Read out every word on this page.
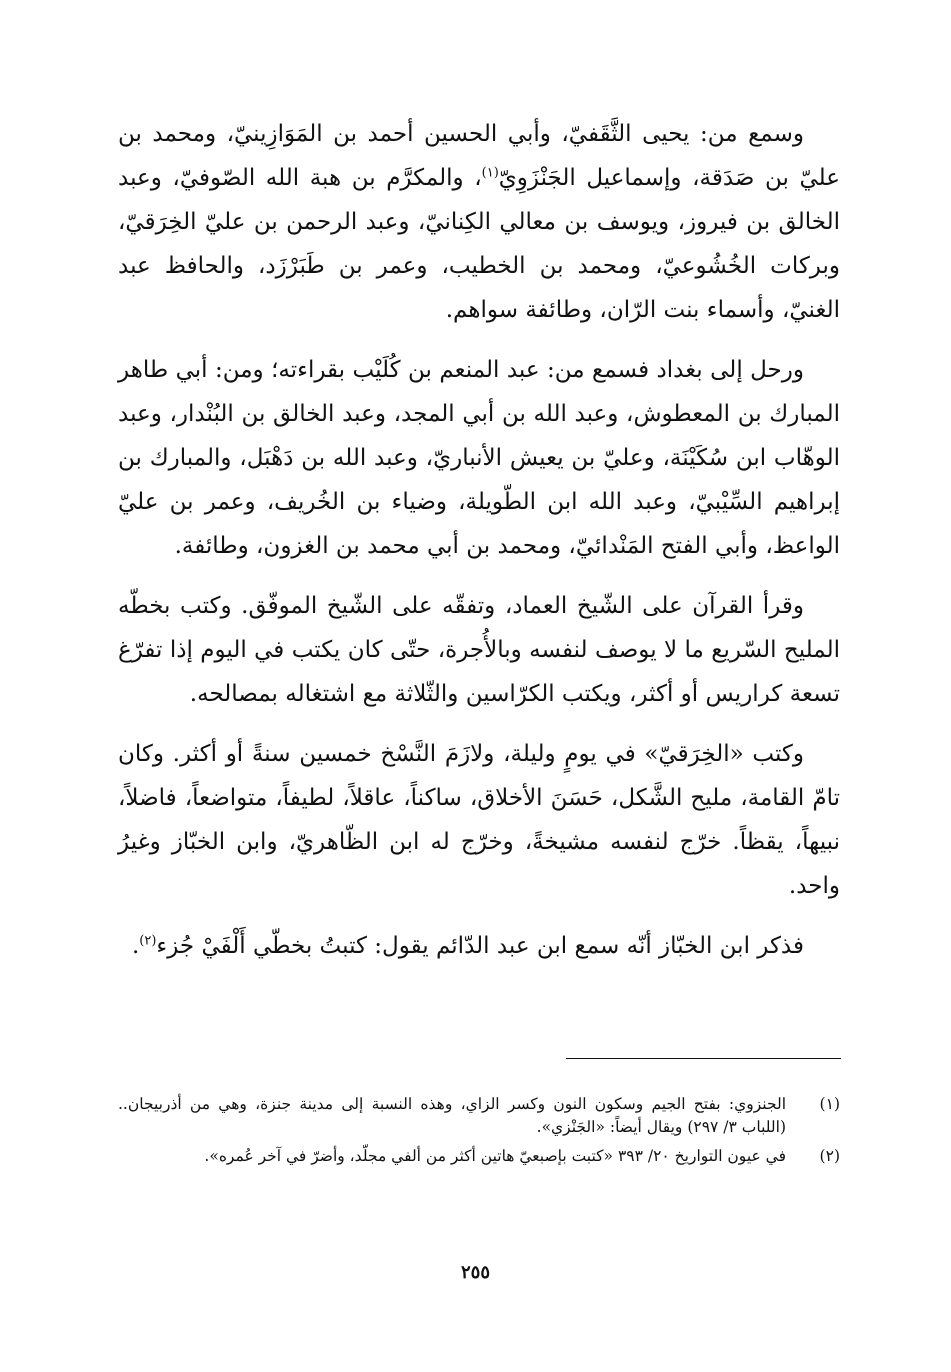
وسمع من: يحيى الثَّقَفيّ، وأبي الحسين أحمد بن المَوَازِينيّ، ومحمد بن عليّ بن صَدَقة، وإسماعيل الجَنْزَوِيّ$^{(١)}$، والمكرَّم بن هبة الله الصّوفيّ، وعبد الخالق بن فيروز، ويوسف بن معالي الكِنانيّ، وعبد الرحمن بن عليّ الخِرَقيّ، وبركات الخُشُوعيّ، ومحمد بن الخطيب، وعمر بن طَبَرْزَد، والحافظ عبد الغنيّ، وأسماء بنت الرّان، وطائفة سواهم.

ورحل إلى بغداد فسمع من: عبد المنعم بن كُلَيْب بقراءته؛ ومن: أبي طاهر المبارك بن المعطوش، وعبد الله بن أبي المجد، وعبد الخالق بن البُنْدار، وعبد الوهّاب ابن سُكَيْنَة، وعليّ بن يعيش الأنباريّ، وعبد الله بن دَهْبَل، والمبارك بن إبراهيم السِّيْبيّ، وعبد الله ابن الطّويلة، وضياء بن الخُريف، وعمر بن عليّ الواعظ، وأبي الفتح المَنْدائيّ، ومحمد بن أبي محمد بن الغزون، وطائفة.

وقرأ القرآن على الشّيخ العماد، وتفقّه على الشّيخ الموفّق. وكتب بخطّه المليح السّريع ما لا يوصف لنفسه وبالأُجرة، حتّى كان يكتب في اليوم إذا تفرّغ تسعة كراريس أو أكثر، ويكتب الكرّاسين والثّلاثة مع اشتغاله بمصالحه.

وكتب «الخِرَقيّ» في يومٍ وليلة، ولازَمَ النَّسْخ خمسين سنةً أو أكثر. وكان تامّ القامة، مليح الشَّكل، حَسَنَ الأخلاق، ساكناً، عاقلاً، لطيفاً، متواضعاً، فاضلاً، نبيهاً، يقظاً. خرّج لنفسه مشيخةً، وخرّج له ابن الظّاهريّ، وابن الخبّاز وغيرُ واحد.

فذكر ابن الخبّاز أنّه سمع ابن عبد الدّائم يقول: كتبتُ بخطّي أَلْفَيْ جُزء$^{(٢)}$.

(١)
الجنزوي: بفتح الجيم وسكون النون وكسر الزاي، وهذه النسبة إلى مدينة جنزة، وهي من أذربيجان.. (اللباب ٣/ ٢٩٧) ويقال أيضاً: «الجَنْزي».
(٢)
في عيون التواريخ ٢٠/ ٣٩٣ «كتبت بإصبعيّ هاتين أكثر من ألفي مجلّد، وأضرّ في آخر عُمره».
٢٥٥
